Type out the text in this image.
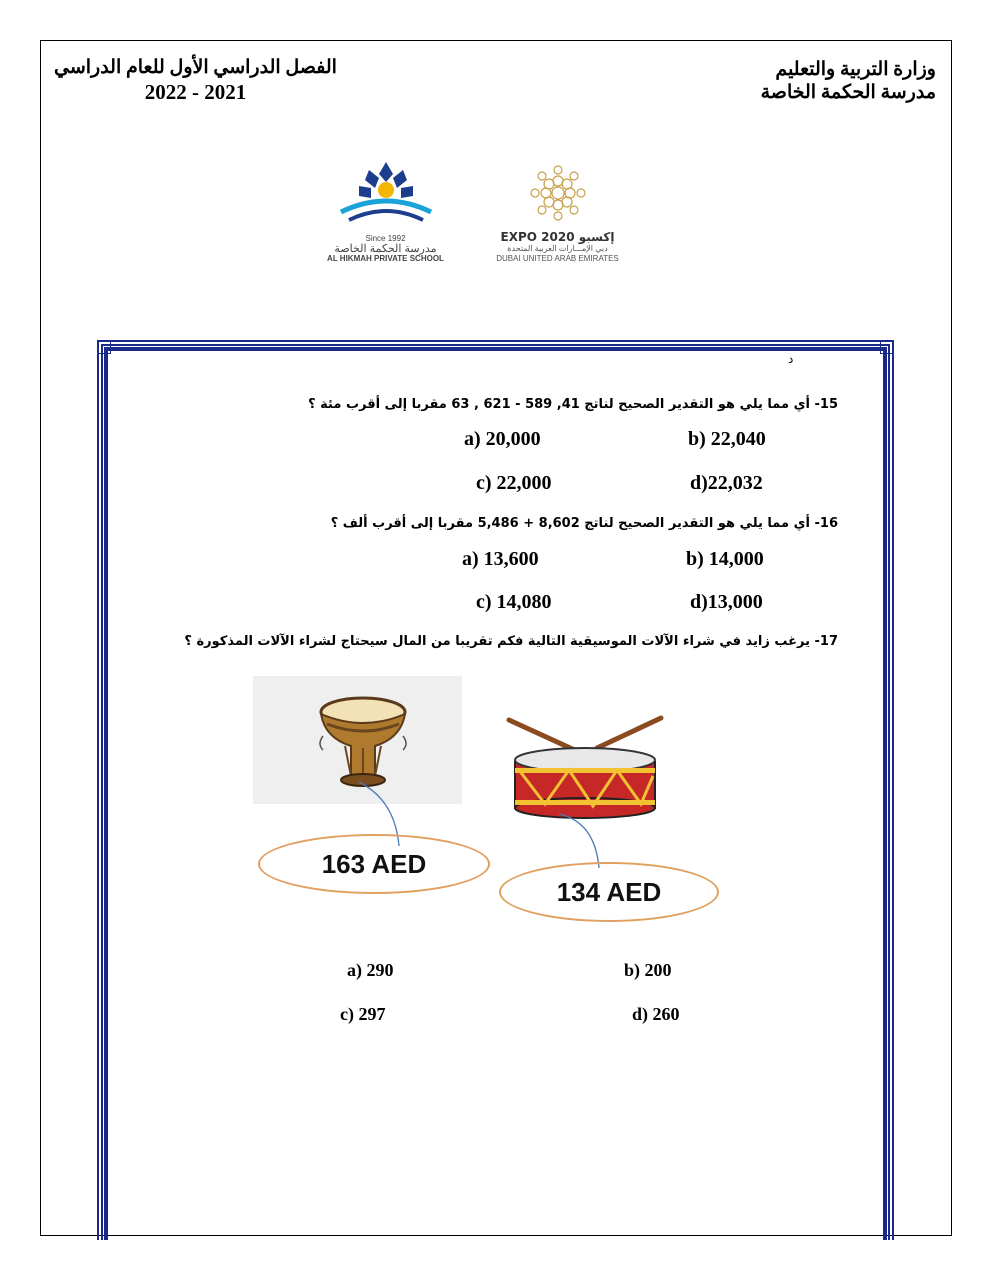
وزارة التربية والتعليم
مدرسة الحكمة الخاصة
الفصل الدراسي الأول للعام الدراسي
2022 - 2021
Since 1992
مدرسة الحكمة الخاصة
AL HIKMAH PRIVATE SCHOOL
EXPO 2020 إكسبو
دبي الإمـــارات العربية المتحدة
DUBAI UNITED ARAB EMIRATES
د
15- أي مما يلي هو التقدير الصحيح لناتج 41, 589 - 621 , 63 مقربا إلى أقرب مئة ؟
a) 20,000	b) 22,040
c) 22,000	d)22,032
16- أي مما يلي هو التقدير الصحيح لناتج 8,602 + 5,486 مقربا إلى أقرب ألف ؟
a) 13,600	b) 14,000
c) 14,080	d)13,000
17- يرغب زايد في شراء الآلات الموسيقية التالية فكم تقريبا من المال سيحتاج لشراء الآلات المذكورة ؟
163 AED
134 AED
a) 290	b) 200
c) 297	d) 260
